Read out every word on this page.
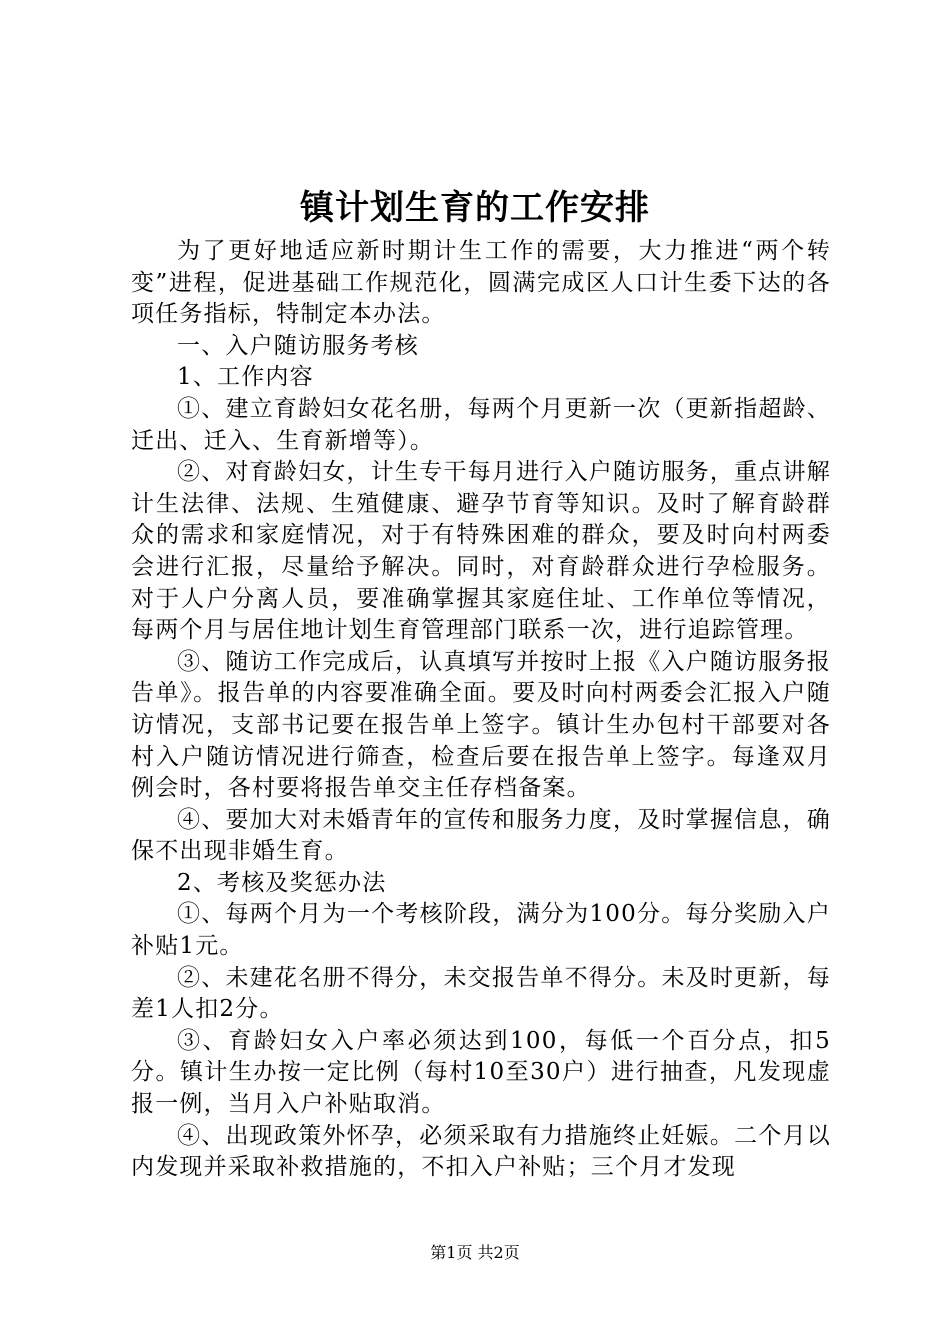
镇计划生育的工作安排

为了更好地适应新时期计生工作的需要，大力推进“两个转变”进程，促进基础工作规范化，圆满完成区人口计生委下达的各项任务指标，特制定本办法。

一、入户随访服务考核

1、工作内容

①、建立育龄妇女花名册，每两个月更新一次（更新指超龄、迁出、迁入、生育新增等）。

②、对育龄妇女，计生专干每月进行入户随访服务，重点讲解计生法律、法规、生殖健康、避孕节育等知识。及时了解育龄群众的需求和家庭情况，对于有特殊困难的群众，要及时向村两委会进行汇报，尽量给予解决。同时，对育龄群众进行孕检服务。对于人户分离人员，要准确掌握其家庭住址、工作单位等情况，每两个月与居住地计划生育管理部门联系一次，进行追踪管理。

③、随访工作完成后，认真填写并按时上报《入户随访服务报告单》。报告单的内容要准确全面。要及时向村两委会汇报入户随访情况，支部书记要在报告单上签字。镇计生办包村干部要对各村入户随访情况进行筛查，检查后要在报告单上签字。每逢双月例会时，各村要将报告单交主任存档备案。

④、要加大对未婚青年的宣传和服务力度，及时掌握信息，确保不出现非婚生育。

2、考核及奖惩办法

①、每两个月为一个考核阶段，满分为100分。每分奖励入户补贴1元。

②、未建花名册不得分，未交报告单不得分。未及时更新，每差1人扣2分。

③、育龄妇女入户率必须达到100，每低一个百分点，扣5分。镇计生办按一定比例（每村10至30户）进行抽查，凡发现虚报一例，当月入户补贴取消。

④、出现政策外怀孕，必须采取有力措施终止妊娠。二个月以内发现并采取补救措施的，不扣入户补贴；三个月才发现

第1页 共2页
